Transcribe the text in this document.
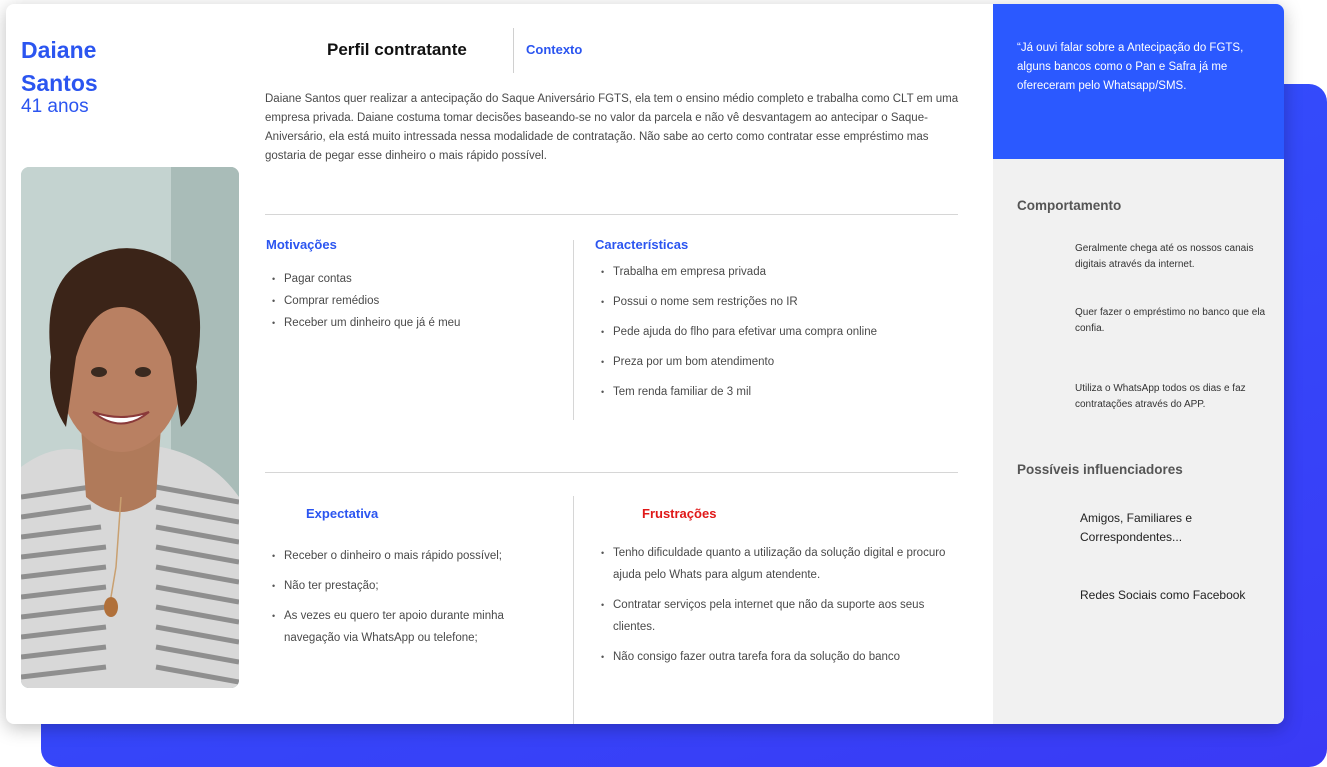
Daiane
Santos
41 anos
Perfil contratante	Contexto
Daiane Santos quer realizar a antecipação do Saque Aniversário FGTS, ela tem o ensino médio completo e trabalha como CLT em uma empresa privada. Daiane costuma tomar decisões baseando-se no valor da parcela e não vê desvantagem ao antecipar o Saque-Aniversário, ela está muito intressada nessa modalidade de contratação. Não sabe ao certo como contratar esse empréstimo mas gostaria de pegar esse dinheiro o mais rápido possível.
Motivações
• Pagar contas
• Comprar remédios
• Receber um dinheiro que já é meu
Características
• Trabalha em empresa privada
• Possui o nome sem restrições no IR
• Pede ajuda do flho para efetivar uma compra online
• Preza por um bom atendimento
• Tem renda familiar de 3 mil
Expectativa
• Receber o dinheiro o mais rápido possível;
• Não ter prestação;
• As vezes eu quero ter apoio durante minha navegação via WhatsApp ou telefone;
Frustrações
• Tenho dificuldade quanto a utilização da solução digital e procuro ajuda pelo Whats para algum atendente.
• Contratar serviços pela internet que não da suporte aos seus clientes.
• Não consigo fazer outra tarefa fora da solução do banco
“Já ouvi falar sobre a Antecipação do FGTS, alguns bancos como o Pan e Safra já me ofereceram pelo Whatsapp/SMS.
Comportamento
Geralmente chega até os nossos canais digitais através da internet.
Quer fazer o empréstimo no banco que ela confia.
Utiliza o WhatsApp todos os dias e faz contratações através do APP.
Possíveis influenciadores
Amigos, Familiares e Correspondentes...
Redes Sociais como Facebook
